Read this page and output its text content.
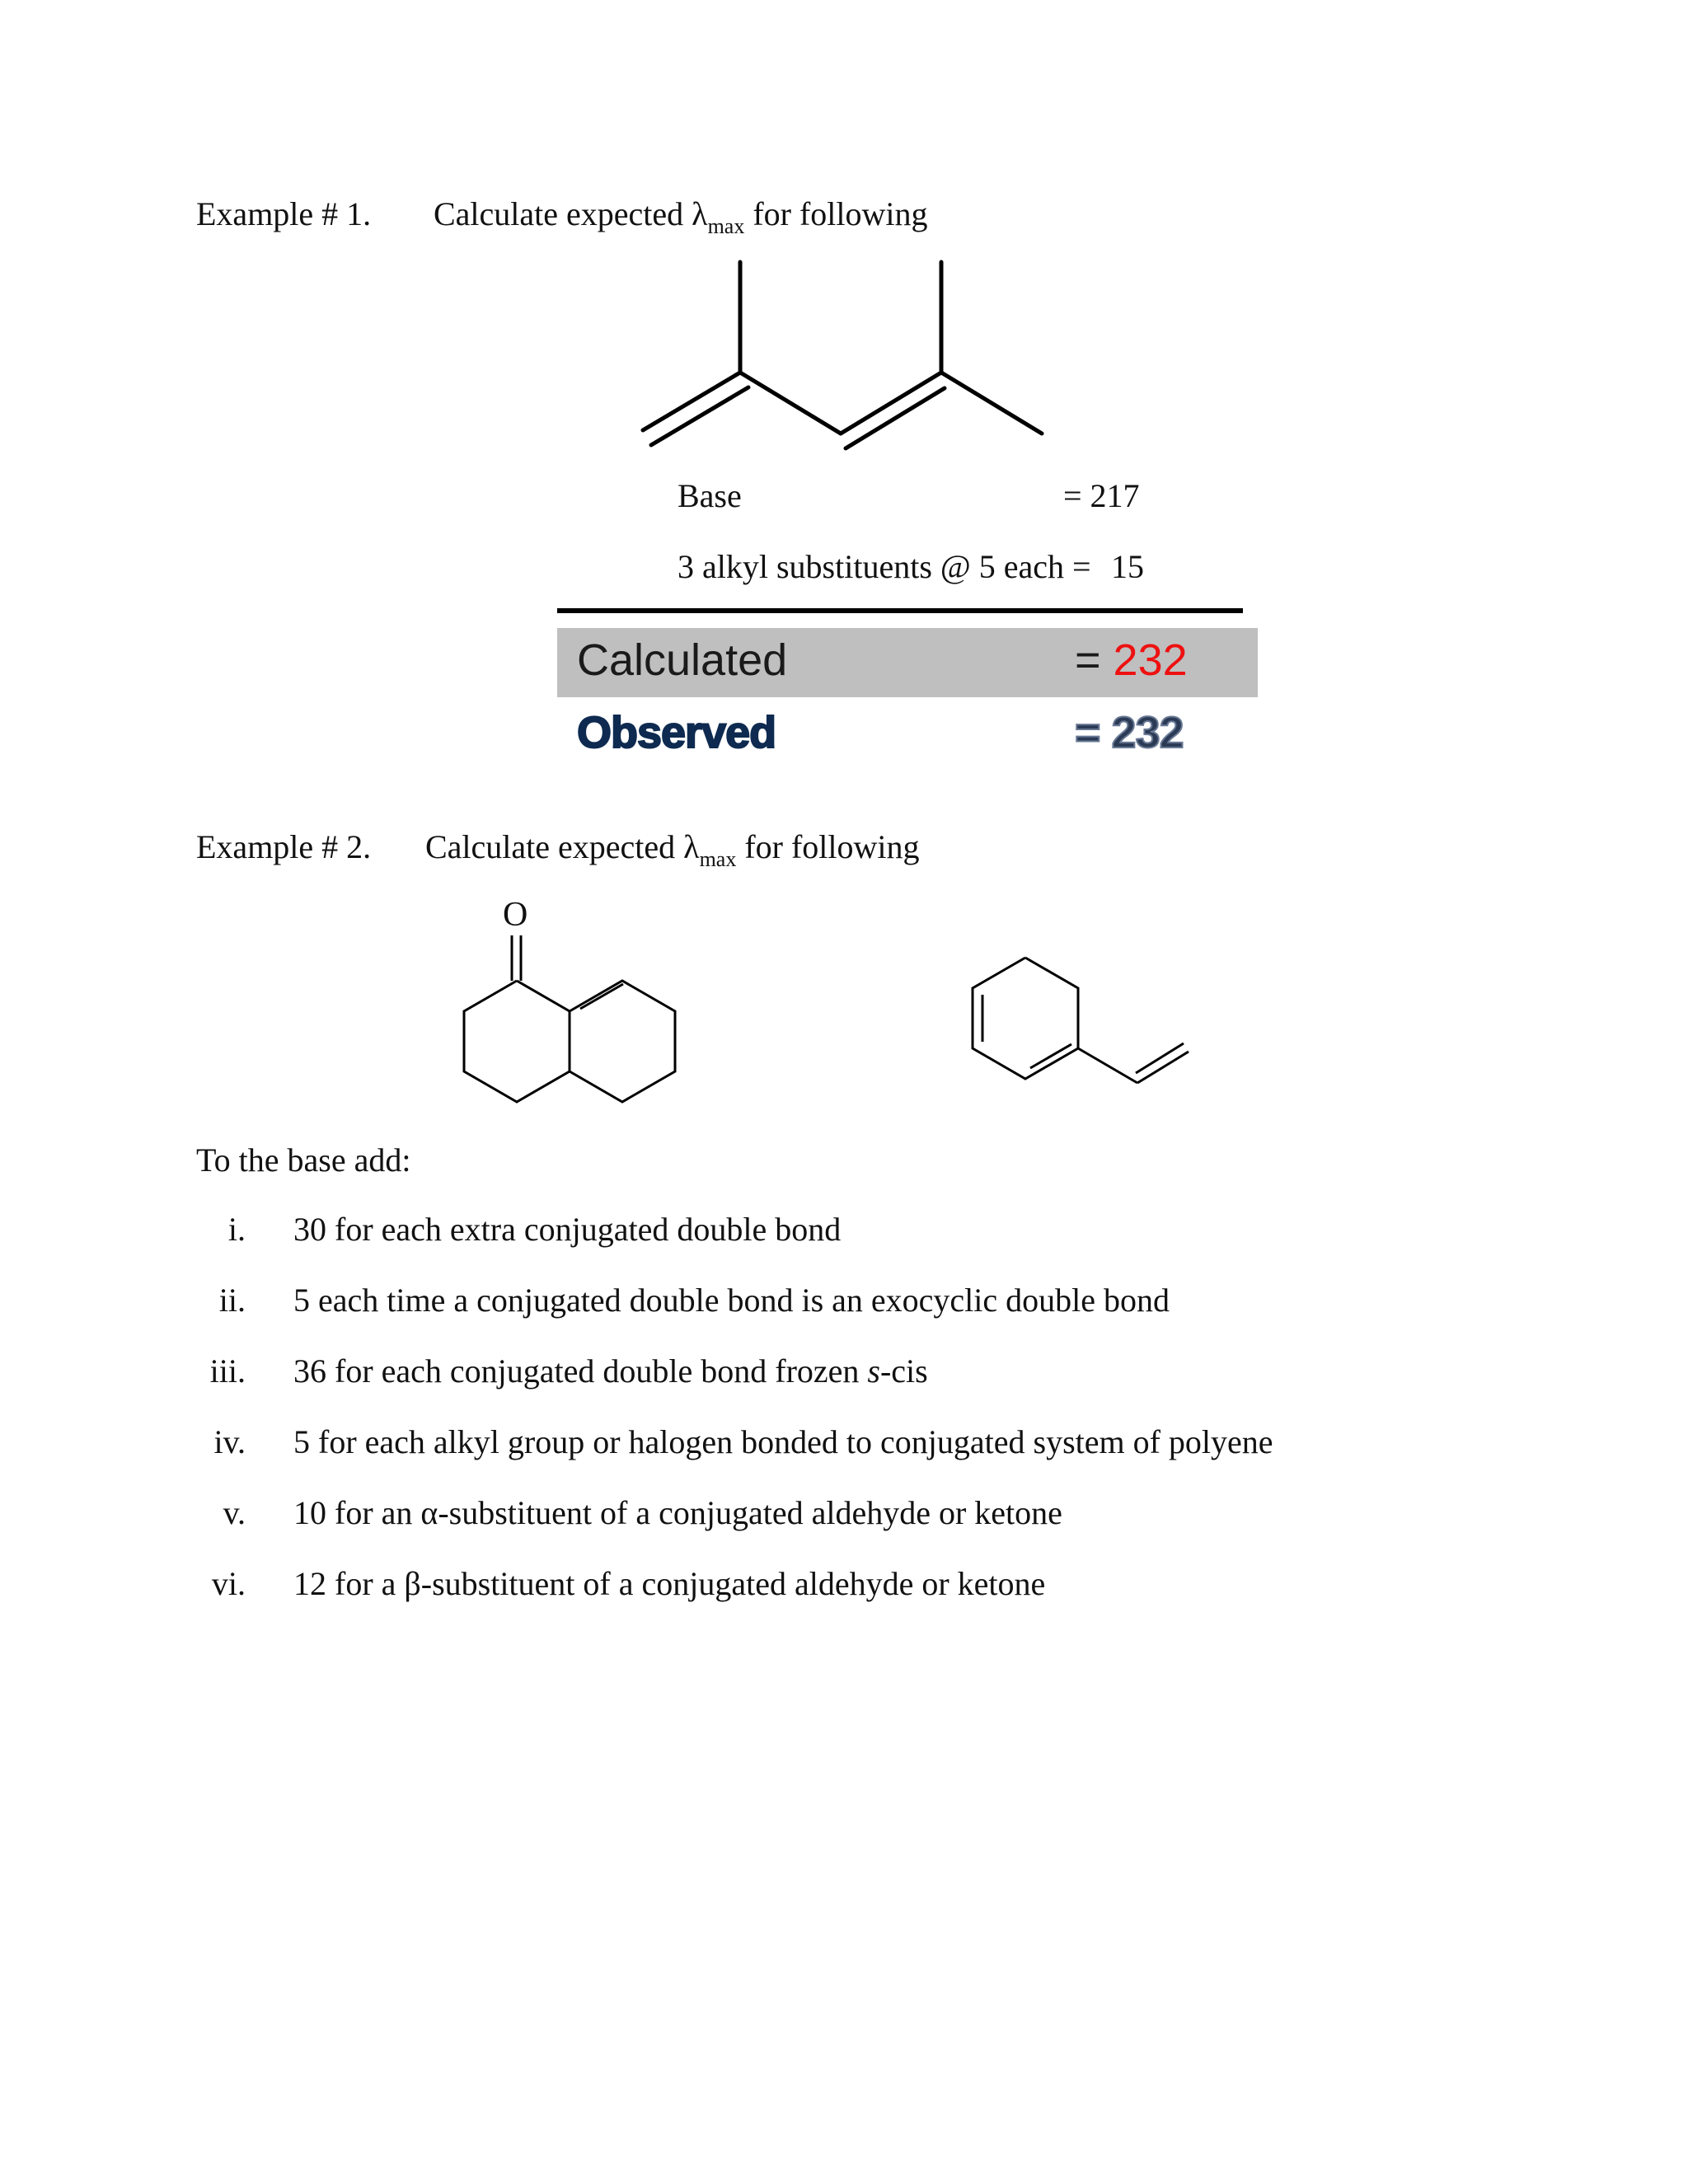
Example # 1. Calculate expected $\lambda_{max}$ for following
Base	= 217
3 alkyl substituents @ 5 each = 15
Calculated	= 232
Observed	= 232
Example # 2. Calculate expected $\lambda_{max}$ for following
O
To the base add:
i. 30 for each extra conjugated double bond
ii. 5 each time a conjugated double bond is an exocyclic double bond
iii. 36 for each conjugated double bond frozen s-cis
iv. 5 for each alkyl group or halogen bonded to conjugated system of polyene
v. 10 for an α-substituent of a conjugated aldehyde or ketone
vi. 12 for a β-substituent of a conjugated aldehyde or ketone
